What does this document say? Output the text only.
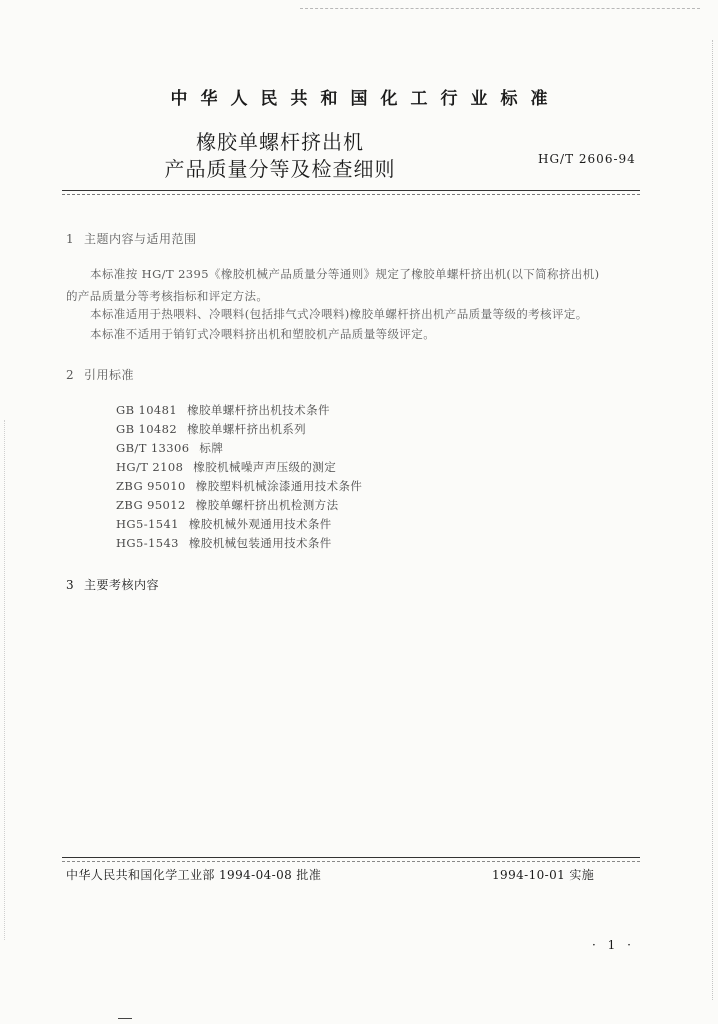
中华人民共和国化工行业标准
橡胶单螺杆挤出机
产品质量分等及检查细则	HG/T 2606-94
1 主题内容与适用范围
本标准按 HG/T 2395《橡胶机械产品质量分等通则》规定了橡胶单螺杆挤出机(以下简称挤出机)
的产品质量分等考核指标和评定方法。
本标准适用于热喂料、冷喂料(包括排气式冷喂料)橡胶单螺杆挤出机产品质量等级的考核评定。
本标准不适用于销钉式冷喂料挤出机和塑胶机产品质量等级评定。
2 引用标准
GB 10481 橡胶单螺杆挤出机技术条件
GB 10482 橡胶单螺杆挤出机系列
GB/T 13306 标牌
HG/T 2108 橡胶机械噪声声压级的测定
ZBG 95010 橡胶塑料机械涂漆通用技术条件
ZBG 95012 橡胶单螺杆挤出机检测方法
HG5-1541 橡胶机械外观通用技术条件
HG5-1543 橡胶机械包装通用技术条件
3 主要考核内容
中华人民共和国化学工业部 1994-04-08 批准	1994-10-01 实施
· 1 ·
